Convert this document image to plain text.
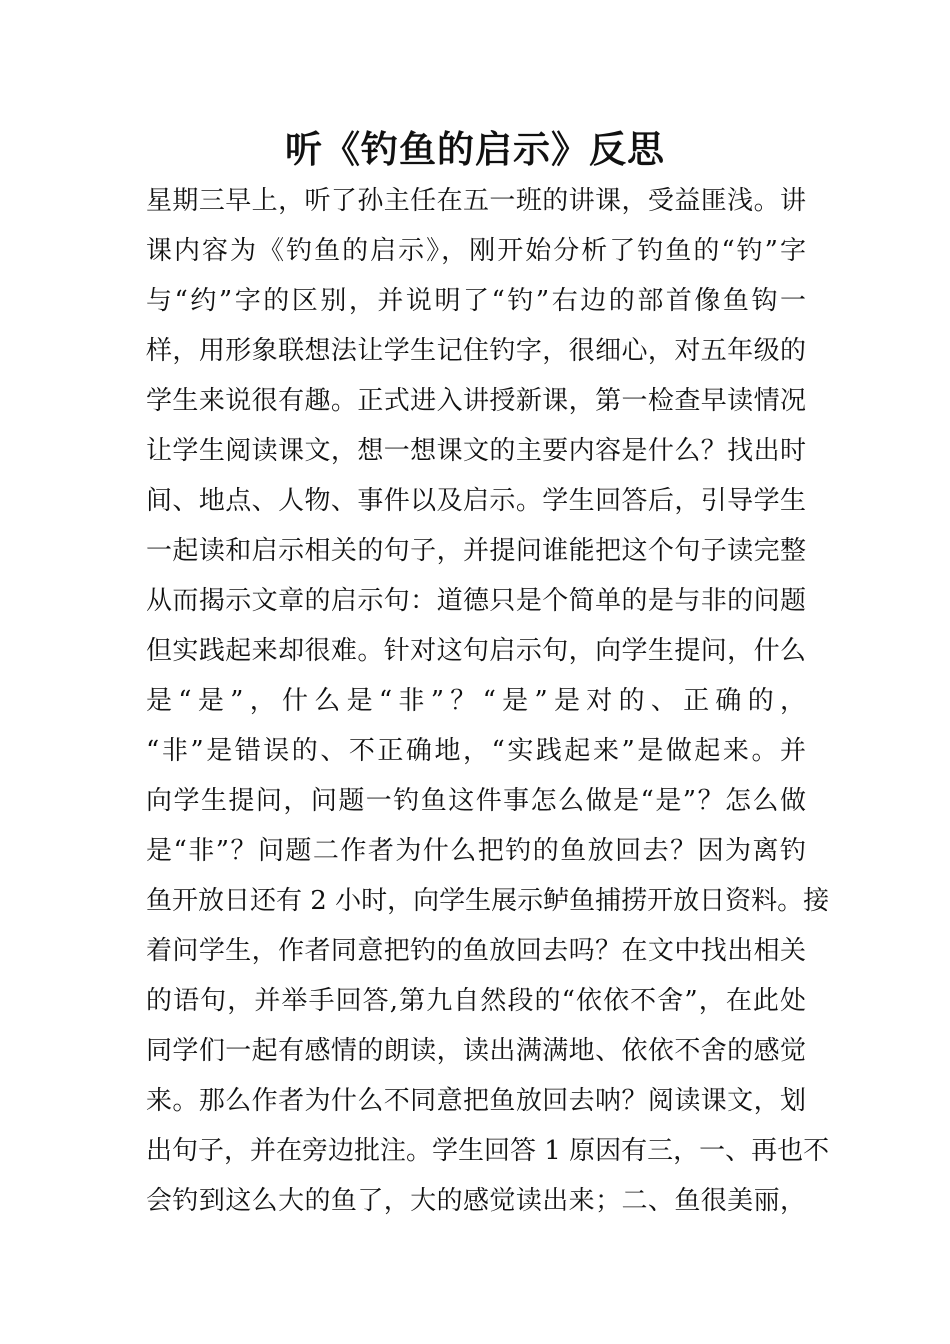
听《钓鱼的启示》反思
星期三早上，听了孙主任在五一班的讲课，受益匪浅。讲
课内容为《钓鱼的启示》，刚开始分析了钓鱼的“钓”字
与“约”字的区别，并说明了“钓”右边的部首像鱼钩一
样，用形象联想法让学生记住钓字，很细心，对五年级的
学生来说很有趣。正式进入讲授新课，第一检查早读情况
让学生阅读课文，想一想课文的主要内容是什么？找出时
间、地点、人物、事件以及启示。学生回答后，引导学生
一起读和启示相关的句子，并提问谁能把这个句子读完整
从而揭示文章的启示句：道德只是个简单的是与非的问题
但实践起来却很难。针对这句启示句，向学生提问，什么
是“是”，什么是“非”？“是”是对的、正确的，
“非”是错误的、不正确地，“实践起来”是做起来。并
向学生提问，问题一钓鱼这件事怎么做是“是”？怎么做
是“非”？问题二作者为什么把钓的鱼放回去？因为离钓
鱼开放日还有 2 小时，向学生展示鲈鱼捕捞开放日资料。接
着问学生，作者同意把钓的鱼放回去吗？在文中找出相关
的语句，并举手回答,第九自然段的“依依不舍”，在此处
同学们一起有感情的朗读，读出满满地、依依不舍的感觉
来。那么作者为什么不同意把鱼放回去呐？阅读课文，划
出句子，并在旁边批注。学生回答 1 原因有三，一、再也不
会钓到这么大的鱼了，大的感觉读出来；二、鱼很美丽，
